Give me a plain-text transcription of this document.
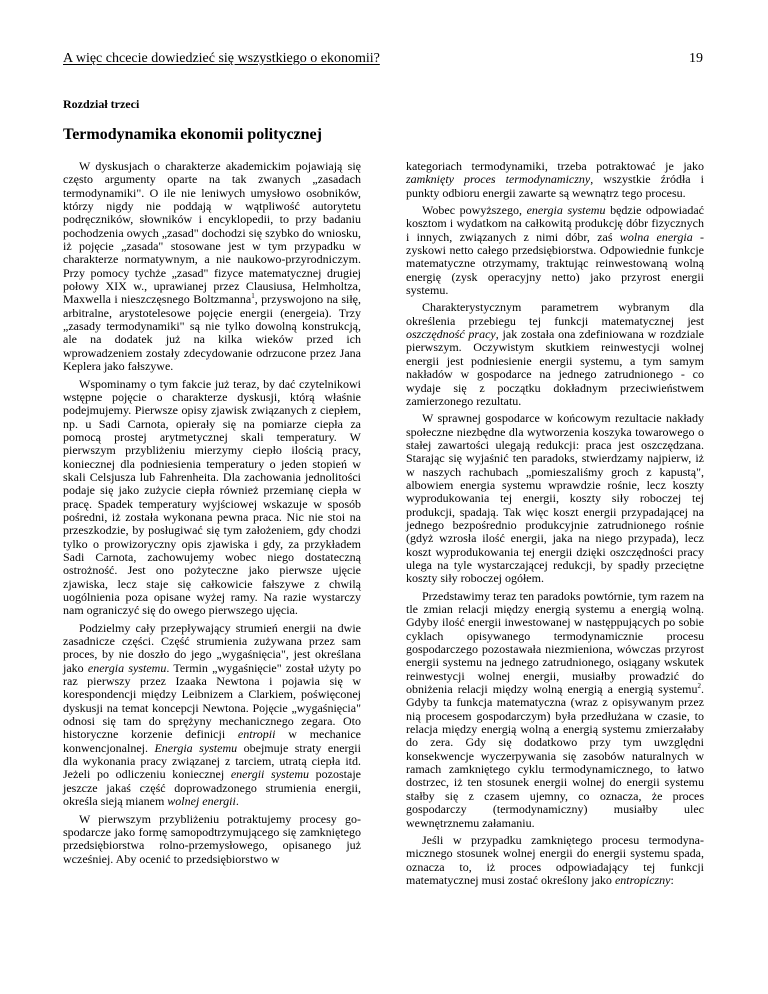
A więc chcecie dowiedzieć się wszystkiego o ekonomii?	19
Rozdział trzeci
Termodynamika ekonomii politycznej

W dyskusjach o charakterze akademickim pojawiają się często argumenty oparte na tak zwanych „zasadach termodynamiki". O ile nie leniwych umysłowo osobników, którzy nigdy nie poddają w wątpliwość autorytetu podręczników, słowników i encyklopedii, to przy badaniu pochodzenia owych „zasad" dochodzi się szybko do wniosku, iż pojęcie „zasada" stosowane jest w tym przypadku w charakterze normatywnym, a nie naukowo-przyrodniczym. Przy pomocy tychże „zasad" fizyce matematycznej drugiej połowy XIX w., uprawianej przez Clausiusa, Helmholtza, Maxwella i nieszczęsnego Boltzmanna$^1$, przyswojono na siłę, arbitralne, arystotelesowe pojęcie energii (energeia). Trzy „zasady termodynamiki" są nie tylko dowolną konstrukcją, ale na dodatek już na kilka wieków przed ich wprowadzeniem zostały zdecydowanie odrzucone przez Jana Keplera jako fałszywe.

Wspominamy o tym fakcie już teraz, by dać czytelnikowi wstępne pojęcie o charakterze dyskusji, którą właśnie podejmujemy. Pierwsze opisy zjawisk związanych z ciepłem, np. u Sadi Carnota, opierały się na pomiarze ciepła za pomocą prostej arytmetycznej skali temperatury. W pierwszym przybliżeniu mierzymy ciepło ilością pracy, koniecznej dla podniesienia temperatury o jeden stopień w skali Celsjusza lub Fahrenheita. Dla zachowania jednolitości podaje się jako zużycie ciepła również przemianę ciepła w pracę. Spadek temperatury wyjściowej wskazuje w sposób pośredni, iż została wykonana pewna praca. Nic nie stoi na przeszkodzie, by posługiwać się tym założeniem, gdy chodzi tylko o prowizoryczny opis zjawiska i gdy, za przykładem Sadi Carnota, zachowujemy wobec niego dostateczną ostrożność. Jest ono pożyteczne jako pierwsze ujęcie zjawiska, lecz staje się całkowicie fałszywe z chwilą uogólnienia poza opisane wyżej ramy. Na razie wystarczy nam ograniczyć się do owego pierwszego ujęcia.

Podzielmy cały przepływający strumień energii na dwie zasadnicze części. Część strumienia zużywana przez sam proces, by nie doszło do jego „wygaśnięcia", jest określana jako energia systemu. Termin „wygaśnięcie" został użyty po raz pierwszy przez Izaaka Newtona i pojawia się w korespondencji między Leibnizem a Clarkiem, poświęconej dyskusji na temat koncepcji Newtona. Pojęcie „wygaśnięcia" odnosi się tam do sprężyny mechanicznego zegara. Oto historyczne korzenie definicji entropii w mechanice konwencjonalnej. Energia systemu obejmuje straty energii dla wykonania pracy związanej z tarciem, utratą ciepła itd. Jeżeli po odliczeniu koniecznej energii systemu pozostaje jeszcze jakaś część doprowadzonego strumienia energii, określa sieją mianem wolnej energii.

W pierwszym przybliżeniu potraktujemy procesy gospodarcze jako formę samopodtrzymującego się zamkniętego przedsiębiorstwa rolno-przemysłowego, opisanego już wcześniej. Aby ocenić to przedsiębiorstwo w

kategoriach termodynamiki, trzeba potraktować je jako zamknięty proces termodynamiczny, wszystkie źródła i punkty odbioru energii zawarte są wewnątrz tego procesu.

Wobec powyższego, energia systemu będzie odpowiadać kosztom i wydatkom na całkowitą produkcję dóbr fizycznych i innych, związanych z nimi dóbr, zaś wolna energia - zyskowi netto całego przedsiębiorstwa. Odpowiednie funkcje matematyczne otrzymamy, traktując reinwestowaną wolną energię (zysk operacyjny netto) jako przyrost energii systemu.

Charakterystycznym parametrem wybranym dla określenia przebiegu tej funkcji matematycznej jest oszczędność pracy, jak została ona zdefiniowana w rozdziale pierwszym. Oczywistym skutkiem reinwestycji wolnej energii jest podniesienie energii systemu, a tym samym nakładów w gospodarce na jednego zatrudnionego - co wydaje się z początku dokładnym przeciwieństwem zamierzonego rezultatu.

W sprawnej gospodarce w końcowym rezultacie nakłady społeczne niezbędne dla wytworzenia koszyka towarowego o stałej zawartości ulegają redukcji: praca jest oszczędzana. Starając się wyjaśnić ten paradoks, stwierdzamy najpierw, iż w naszych rachubach „pomieszaliśmy groch z kapustą", albowiem energia systemu wprawdzie rośnie, lecz koszty wyprodukowania tej energii, koszty siły roboczej tej produkcji, spadają. Tak więc koszt energii przypadającej na jednego bezpośrednio produkcyjnie zatrudnionego rośnie (gdyż wzrosła ilość energii, jaka na niego przypada), lecz koszt wyprodukowania tej energii dzięki oszczędności pracy ulega na tyle wystarczającej redukcji, by spadły przeciętne koszty siły roboczej ogółem.

Przedstawimy teraz ten paradoks powtórnie, tym razem na tle zmian relacji między energią systemu a energią wolną. Gdyby ilość energii inwestowanej w następpujących po sobie cyklach opisywanego termodynamicznie procesu gospodarczego pozostawała niezmieniona, wówczas przyrost energii systemu na jednego zatrudnionego, osiągany wskutek reinwestycji wolnej energii, musiałby prowadzić do obniżenia relacji między wolną energią a energią systemu$^2$. Gdyby ta funkcja matematyczna (wraz z opisywanym przez nią procesem gospodarczym) była przedłużana w czasie, to relacja między energią wolną a energią systemu zmierzałaby do zera. Gdy się dodatkowo przy tym uwzględni konsekwencje wyczerpywania się zasobów naturalnych w ramach zamkniętego cyklu termodynamicznego, to łatwo dostrzec, iż ten stosunek energii wolnej do energii systemu stałby się z czasem ujemny, co oznacza, że proces gospodarczy (termodynamiczny) musiałby ulec wewnętrznemu załamaniu.

Jeśli w przypadku zamkniętego procesu termodynamicznego stosunek wolnej energii do energii systemu spada, oznacza to, iż proces odpowiadający tej funkcji matematycznej musi zostać określony jako entropiczny:
